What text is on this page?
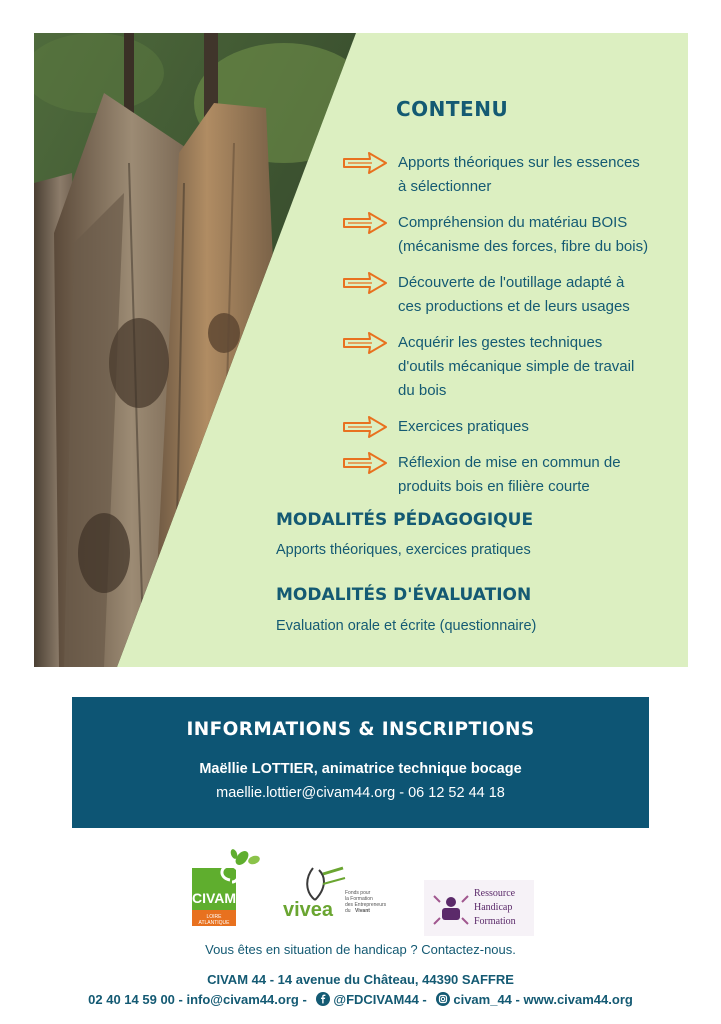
CONTENU
Apports théoriques sur les essences
à sélectionner
Compréhension du matériau BOIS
(mécanisme des forces, fibre du bois)
Découverte de l'outillage adapté à
ces productions et de leurs usages
Acquérir les gestes techniques
d'outils mécanique simple de travail
du bois
Exercices pratiques
Réflexion de mise en commun de
produits bois en filière courte
MODALITÉS PÉDAGOGIQUE
Apports théoriques, exercices pratiques
MODALITÉS D'ÉVALUATION
Evaluation orale et écrite (questionnaire)
INFORMATIONS & INSCRIPTIONS
Maëllie LOTTIER, animatrice technique bocage
maellie.lottier@civam44.org - 06 12 52 44 18
CIVAM
LOIRE
ATLANTIQUE
vivea
Fonds pour
la Formation
des Entrepreneurs
du Vivant
Ressource
Handicap
Formation
Vous êtes en situation de handicap ? Contactez-nous.
CIVAM 44 - 14 avenue du Château, 44390 SAFFRE
02 40 14 59 00 - info@civam44.org - @FDCIVAM44 - civam_44 - www.civam44.org
